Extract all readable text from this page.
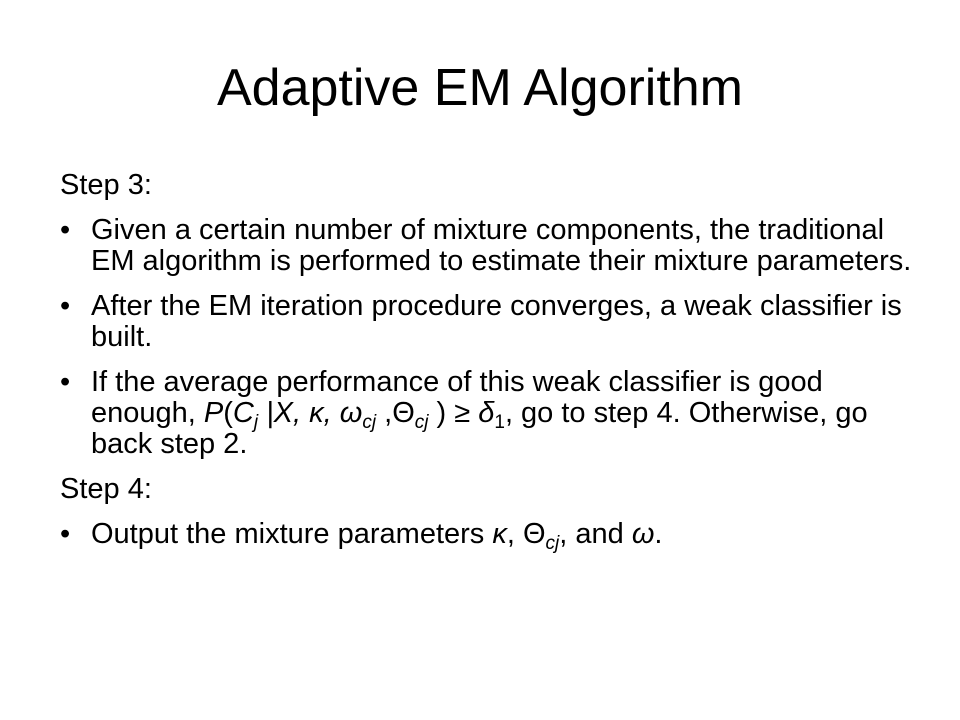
Adaptive EM Algorithm
Step 3:
• Given a certain number of mixture components, the traditional EM algorithm is performed to estimate their mixture parameters.
• After the EM iteration procedure converges, a weak classifier is built.
• If the average performance of this weak classifier is good enough, $P(C_j$ |X, κ, $\omega_{cj}$ $,\Theta_{cj}$ ) ≥ $\delta_1$, go to step 4. Otherwise, go back step 2.
Step 4:
• Output the mixture parameters κ, $\Theta_{cj}$, and ω.
